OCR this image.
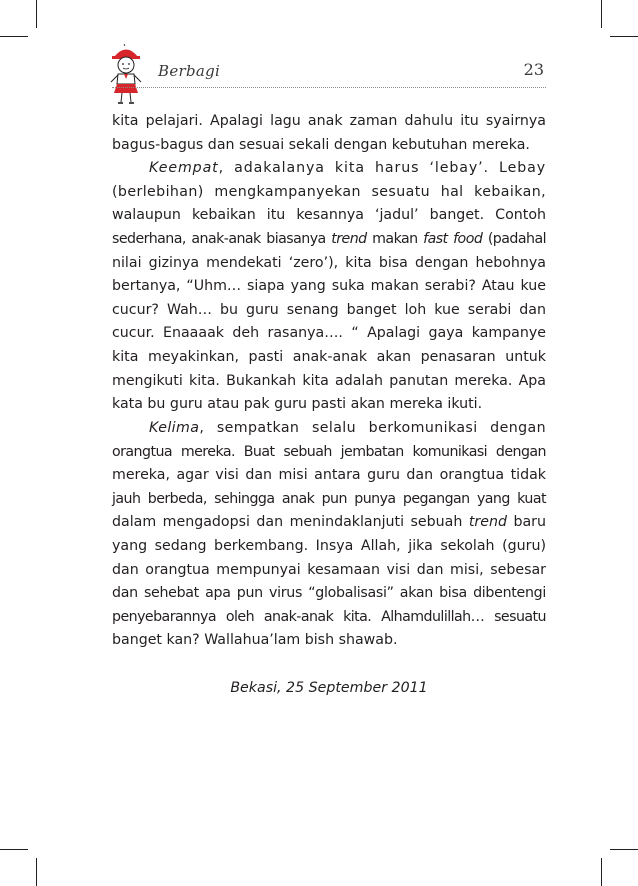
Berbagi	23
kita pelajari. Apalagi lagu anak zaman dahulu itu syairnya
bagus-bagus dan sesuai sekali dengan kebutuhan mereka.
Keempat, adakalanya kita harus ‘lebay’. Lebay
(berlebihan) mengkampanyekan sesuatu hal kebaikan,
walaupun kebaikan itu kesannya ‘jadul’ banget. Contoh
sederhana, anak-anak biasanya trend makan fast food (padahal
nilai gizinya mendekati ‘zero’), kita bisa dengan hebohnya
bertanya, “Uhm… siapa yang suka makan serabi? Atau kue
cucur? Wah… bu guru senang banget loh kue serabi dan
cucur. Enaaaak deh rasanya…. “ Apalagi gaya kampanye
kita meyakinkan, pasti anak-anak akan penasaran untuk
mengikuti kita. Bukankah kita adalah panutan mereka. Apa
kata bu guru atau pak guru pasti akan mereka ikuti.
Kelima, sempatkan selalu berkomunikasi dengan
orangtua mereka. Buat sebuah jembatan komunikasi dengan
mereka, agar visi dan misi antara guru dan orangtua tidak
jauh berbeda, sehingga anak pun punya pegangan yang kuat
dalam mengadopsi dan menindaklanjuti sebuah trend baru
yang sedang berkembang. Insya Allah, jika sekolah (guru)
dan orangtua mempunyai kesamaan visi dan misi, sebesar
dan sehebat apa pun virus “globalisasi” akan bisa dibentengi
penyebarannya oleh anak-anak kita. Alhamdulillah… sesuatu
banget kan? Wallahua’lam bish shawab.
Bekasi, 25 September 2011
